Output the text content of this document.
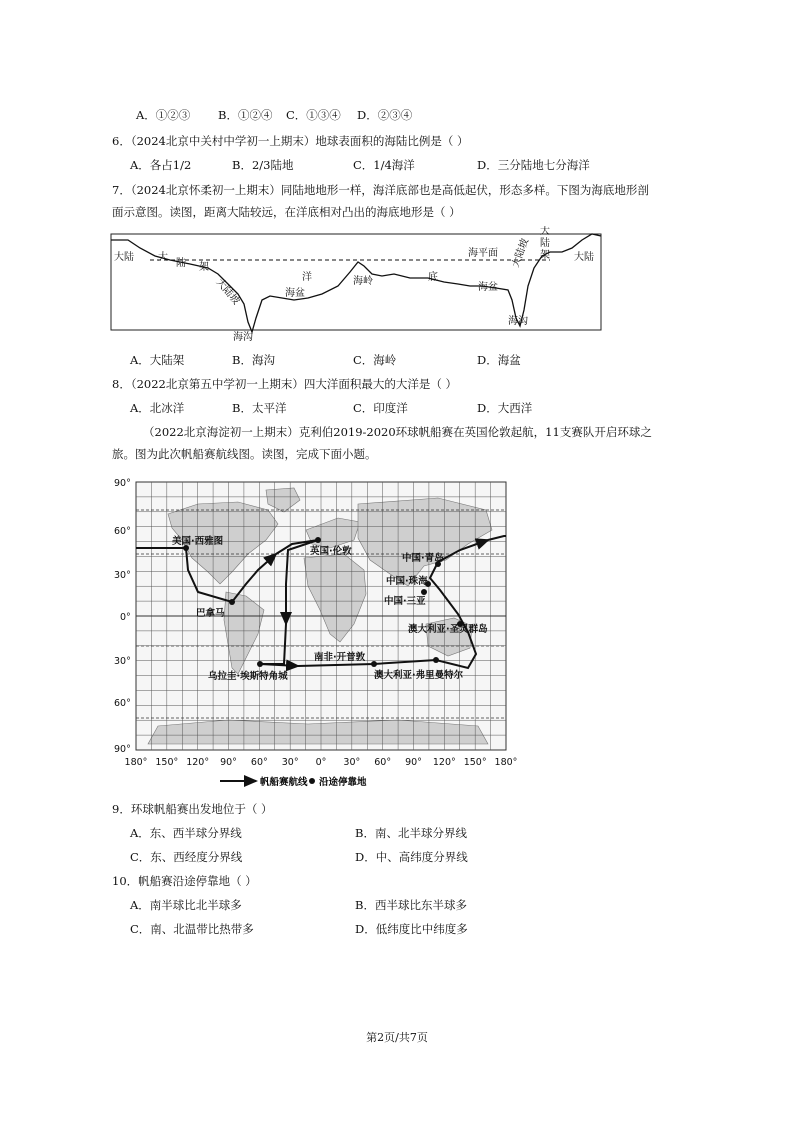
A．①②③ B．①②④ C．①③④ D．②③④
6．（2024北京中关村中学初一上期末）地球表面积的海陆比例是（ ）
A．各占1/2	B．2/3陆地	C．1/4海洋	D．三分陆地七分海洋
7．（2024北京怀柔初一上期末）同陆地地形一样，海洋底部也是高低起伏，形态多样。下图为海底地形剖
面示意图。读图，距离大陆较远，在洋底相对凸出的海底地形是（ ）
大陆 大
陆 架
大陆坡
海沟
海盆
洋	海岭	底
海平面
海盆
大
陆
架
大陆坡
海沟
大陆
A．大陆架	B．海沟	C．海岭	D．海盆
8．（2022北京第五中学初一上期末）四大洋面积最大的大洋是（ ）
A．北冰洋	B．太平洋	C．印度洋	D．大西洋
（2022北京海淀初一上期末）克利伯2019-2020环球帆船赛在英国伦敦起航，11支赛队开启环球之
旅。图为此次帆船赛航线图。读图，完成下面小题。
美国·西雅图
英国·伦敦
巴拿马
中国·青岛
中国·珠海
中国·三亚
澳大利亚·圣灵群岛
南非·开普敦
乌拉圭·埃斯特角城	澳大利亚·弗里曼特尔
90°
60°
30°
0°
30°
60°
90°
180° 150° 120° 90° 60° 30° 0° 30° 60° 90° 120° 150° 180°
帆船赛航线 沿途停靠地
9．环球帆船赛出发地位于（ ）
A．东、西半球分界线	B．南、北半球分界线
C．东、西经度分界线	D．中、高纬度分界线
10．帆船赛沿途停靠地（ ）
A．南半球比北半球多	B．西半球比东半球多
C．南、北温带比热带多	D．低纬度比中纬度多
第2页/共7页
